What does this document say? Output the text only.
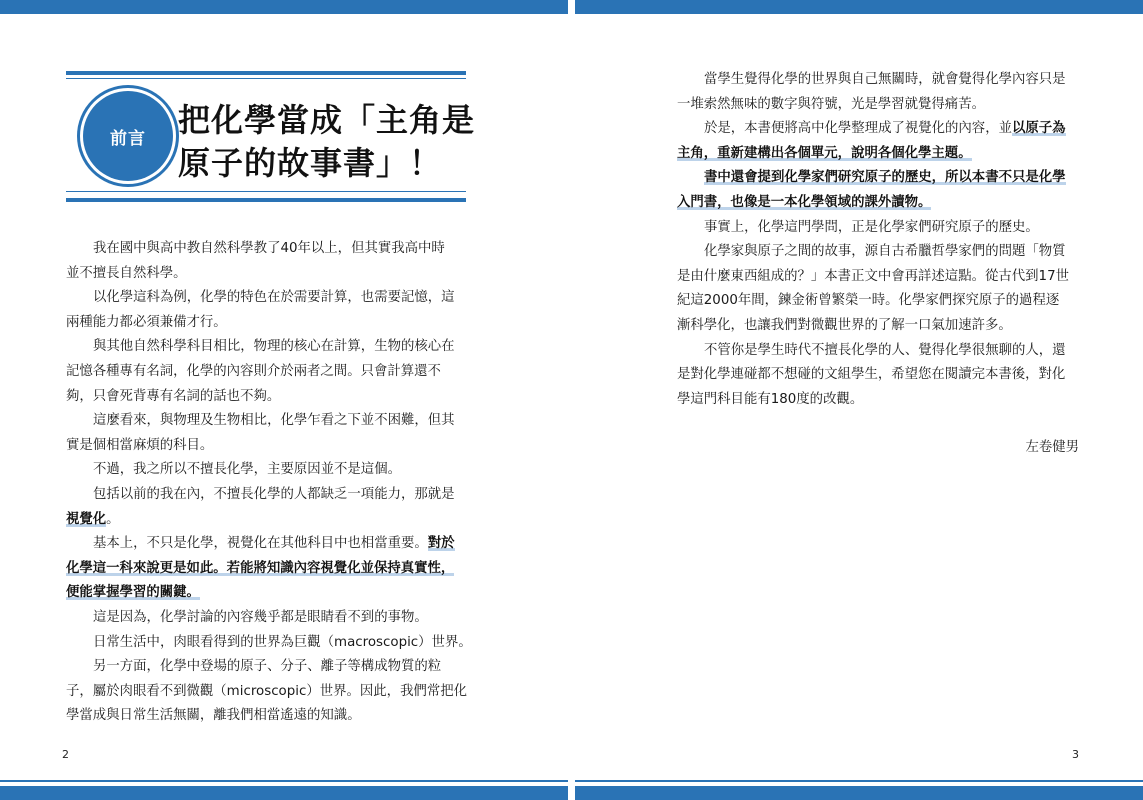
前言 把化學當成「主角是
原子的故事書」！
我在國中與高中教自然科學教了40年以上，但其實我高中時
並不擅長自然科學。
以化學這科為例，化學的特色在於需要計算，也需要記憶，這
兩種能力都必須兼備才行。
與其他自然科學科目相比，物理的核心在計算，生物的核心在
記憶各種專有名詞，化學的內容則介於兩者之間。只會計算還不
夠，只會死背專有名詞的話也不夠。
這麼看來，與物理及生物相比，化學乍看之下並不困難，但其
實是個相當麻煩的科目。
不過，我之所以不擅長化學，主要原因並不是這個。
包括以前的我在內，不擅長化學的人都缺乏一項能力，那就是
視覺化。
基本上，不只是化學，視覺化在其他科目中也相當重要。對於
化學這一科來說更是如此。若能將知識內容視覺化並保持真實性，
便能掌握學習的關鍵。
這是因為，化學討論的內容幾乎都是眼睛看不到的事物。
日常生活中，肉眼看得到的世界為巨觀（macroscopic）世界。
另一方面，化學中登場的原子、分子、離子等構成物質的粒
子，屬於肉眼看不到微觀（microscopic）世界。因此，我們常把化
學當成與日常生活無關，離我們相當遙遠的知識。
當學生覺得化學的世界與自己無關時，就會覺得化學內容只是
一堆索然無味的數字與符號，光是學習就覺得痛苦。
於是，本書便將高中化學整理成了視覺化的內容，並以原子為
主角，重新建構出各個單元，說明各個化學主題。
書中還會提到化學家們研究原子的歷史，所以本書不只是化學
入門書，也像是一本化學領域的課外讀物。
事實上，化學這門學問，正是化學家們研究原子的歷史。
化學家與原子之間的故事，源自古希臘哲學家們的問題「物質
是由什麼東西組成的？」本書正文中會再詳述這點。從古代到17世
紀這2000年間，鍊金術曾繁榮一時。化學家們探究原子的過程逐
漸科學化，也讓我們對微觀世界的了解一口氣加速許多。
不管你是學生時代不擅長化學的人、覺得化學很無聊的人，還
是對化學連碰都不想碰的文組學生，希望您在閱讀完本書後，對化
學這門科目能有180度的改觀。
左卷健男
2	3
